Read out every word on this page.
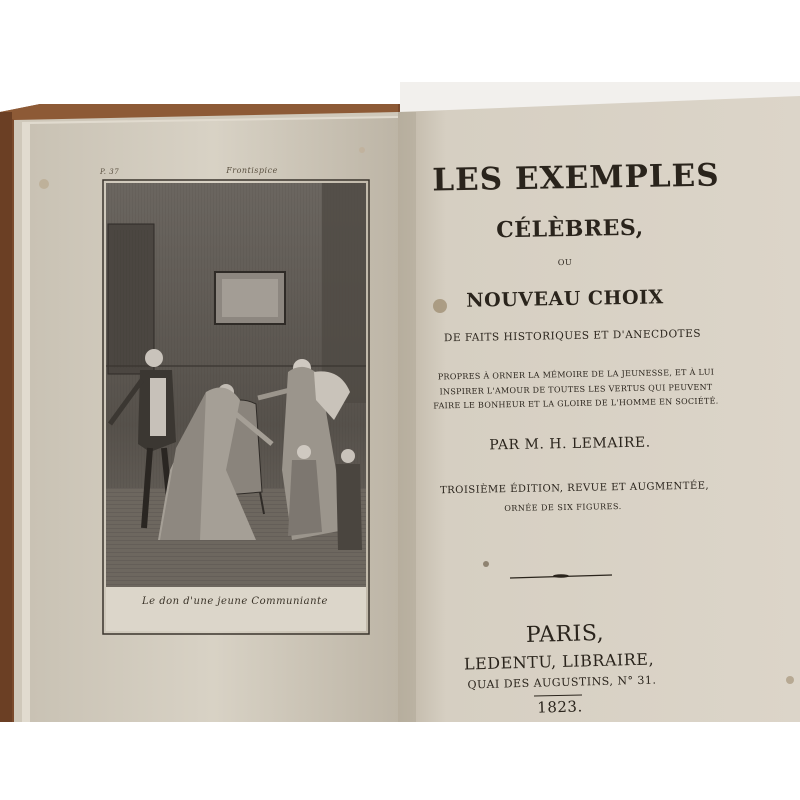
P. 37	Frontispice
Le don d'une jeune Communiante
LES EXEMPLES
CÉLÈBRES,
OU
NOUVEAU CHOIX
DE FAITS HISTORIQUES ET D'ANECDOTES
PROPRES À ORNER LA MÉMOIRE DE LA JEUNESSE, ET À LUI
INSPIRER L'AMOUR DE TOUTES LES VERTUS QUI PEUVENT
FAIRE LE BONHEUR ET LA GLOIRE DE L'HOMME EN SOCIÉTÉ.
PAR M. H. LEMAIRE.
TROISIÈME ÉDITION, REVUE ET AUGMENTÉE,
ORNÉE DE SIX FIGURES.
PARIS,
LEDENTU, LIBRAIRE,
QUAI DES AUGUSTINS, N° 31.
1823.
